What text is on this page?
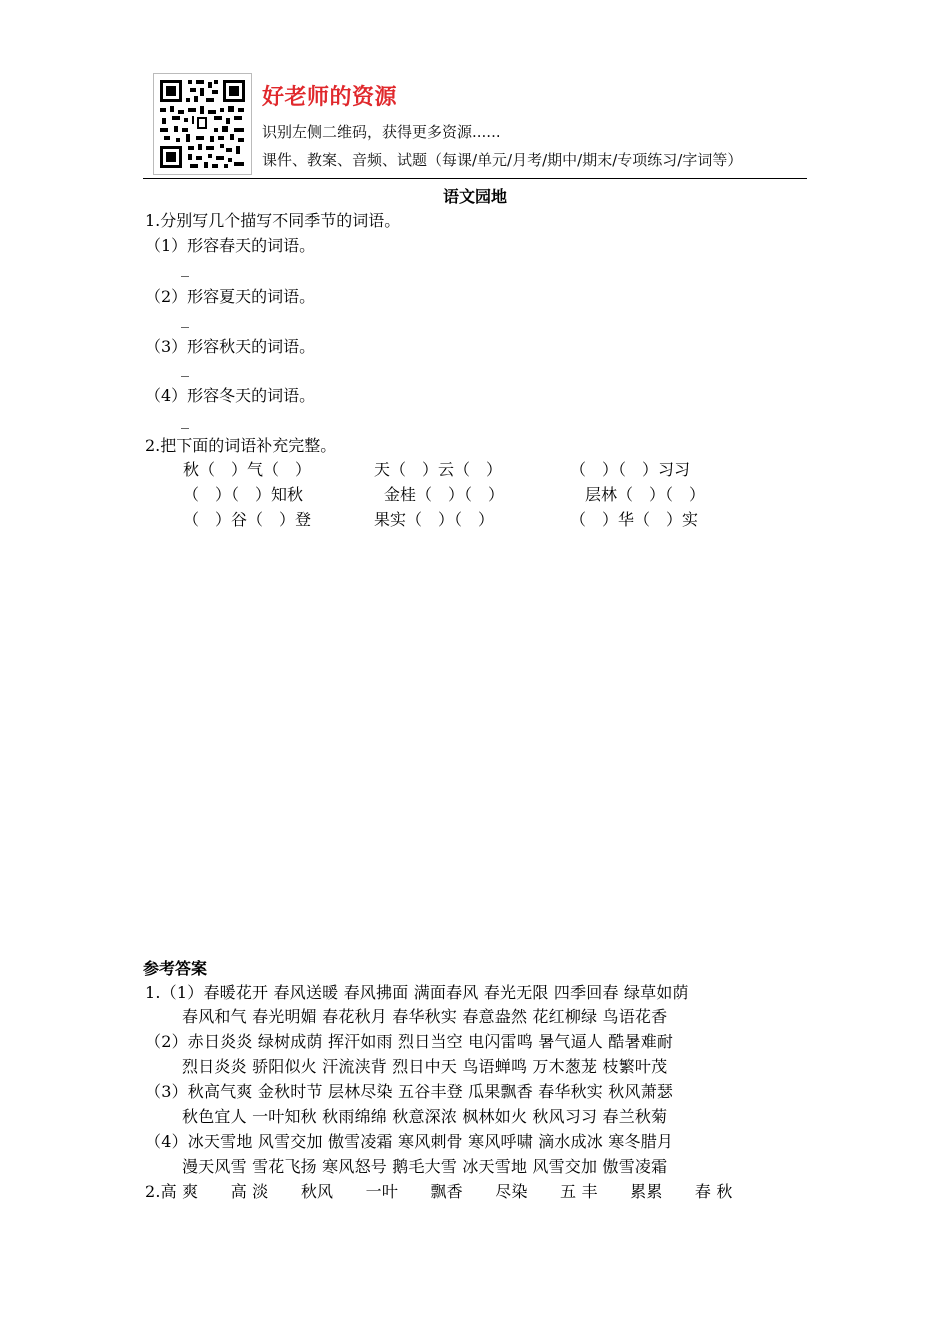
好老师的资源
识别左侧二维码，获得更多资源......
课件、教案、音频、试题（每课/单元/月考/期中/期末/专项练习/字词等）
语文园地
1.分别写几个描写不同季节的词语。
（1）形容春天的词语。
_
（2）形容夏天的词语。
_
（3）形容秋天的词语。
_
（4）形容冬天的词语。
_
2.把下面的词语补充完整。
秋（　）气（　）	天（　）云（　）	（　）（　）习习
（　）（　）知秋	金桂（　）（　）	层林（　）（　）
（　）谷（　）登	果实（　）（　）	（　）华（　）实
参考答案
1.（1）春暖花开 春风送暖 春风拂面 满面春风 春光无限 四季回春 绿草如荫
春风和气 春光明媚 春花秋月 春华秋实 春意盎然 花红柳绿 鸟语花香
（2）赤日炎炎 绿树成荫 挥汗如雨 烈日当空 电闪雷鸣 暑气逼人 酷暑难耐
烈日炎炎 骄阳似火 汗流浃背 烈日中天 鸟语蝉鸣 万木葱茏 枝繁叶茂
（3）秋高气爽 金秋时节 层林尽染 五谷丰登 瓜果飘香 春华秋实 秋风萧瑟
秋色宜人 一叶知秋 秋雨绵绵 秋意深浓 枫林如火 秋风习习 春兰秋菊
（4）冰天雪地 风雪交加 傲雪凌霜 寒风刺骨 寒风呼啸 滴水成冰 寒冬腊月
漫天风雪 雪花飞扬 寒风怒号 鹅毛大雪 冰天雪地 风雪交加 傲雪凌霜
2.高 爽　　高 淡　　秋风　　一叶　　飘香　　尽染　　五 丰　　累累　　春 秋
